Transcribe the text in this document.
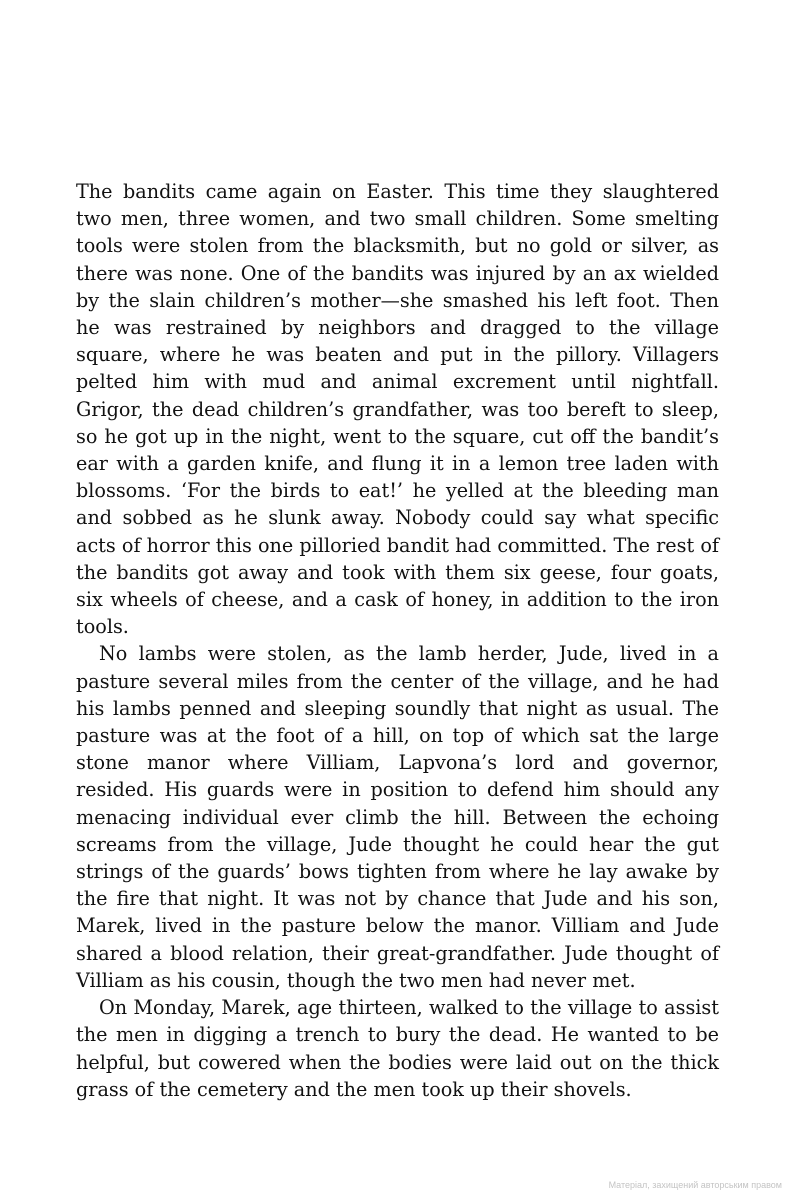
The bandits came again on Easter. This time they slaughtered two men, three women, and two small children. Some smelting tools were stolen from the blacksmith, but no gold or silver, as there was none. One of the bandits was injured by an ax wielded by the slain children’s mother—she smashed his left foot. Then he was restrained by neighbors and dragged to the village square, where he was beaten and put in the pillory. Villagers pelted him with mud and animal excrement until nightfall. Grigor, the dead children’s grandfather, was too bereft to sleep, so he got up in the night, went to the square, cut off the bandit’s ear with a garden knife, and flung it in a lemon tree laden with blossoms. ‘For the birds to eat!’ he yelled at the bleeding man and sobbed as he slunk away. Nobody could say what specific acts of horror this one pilloried bandit had committed. The rest of the bandits got away and took with them six geese, four goats, six wheels of cheese, and a cask of honey, in addition to the iron tools.

No lambs were stolen, as the lamb herder, Jude, lived in a pasture several miles from the center of the village, and he had his lambs penned and sleeping soundly that night as usual. The pasture was at the foot of a hill, on top of which sat the large stone manor where Villiam, Lapvona’s lord and governor, resided. His guards were in position to defend him should any menacing individual ever climb the hill. Between the echoing screams from the village, Jude thought he could hear the gut strings of the guards’ bows tighten from where he lay awake by the fire that night. It was not by chance that Jude and his son, Marek, lived in the pasture below the manor. Villiam and Jude shared a blood relation, their great-grandfather. Jude thought of Villiam as his cousin, though the two men had never met.

On Monday, Marek, age thirteen, walked to the village to assist the men in digging a trench to bury the dead. He wanted to be helpful, but cowered when the bodies were laid out on the thick grass of the cemetery and the men took up their shovels.

Матеріал, захищений авторським правом
